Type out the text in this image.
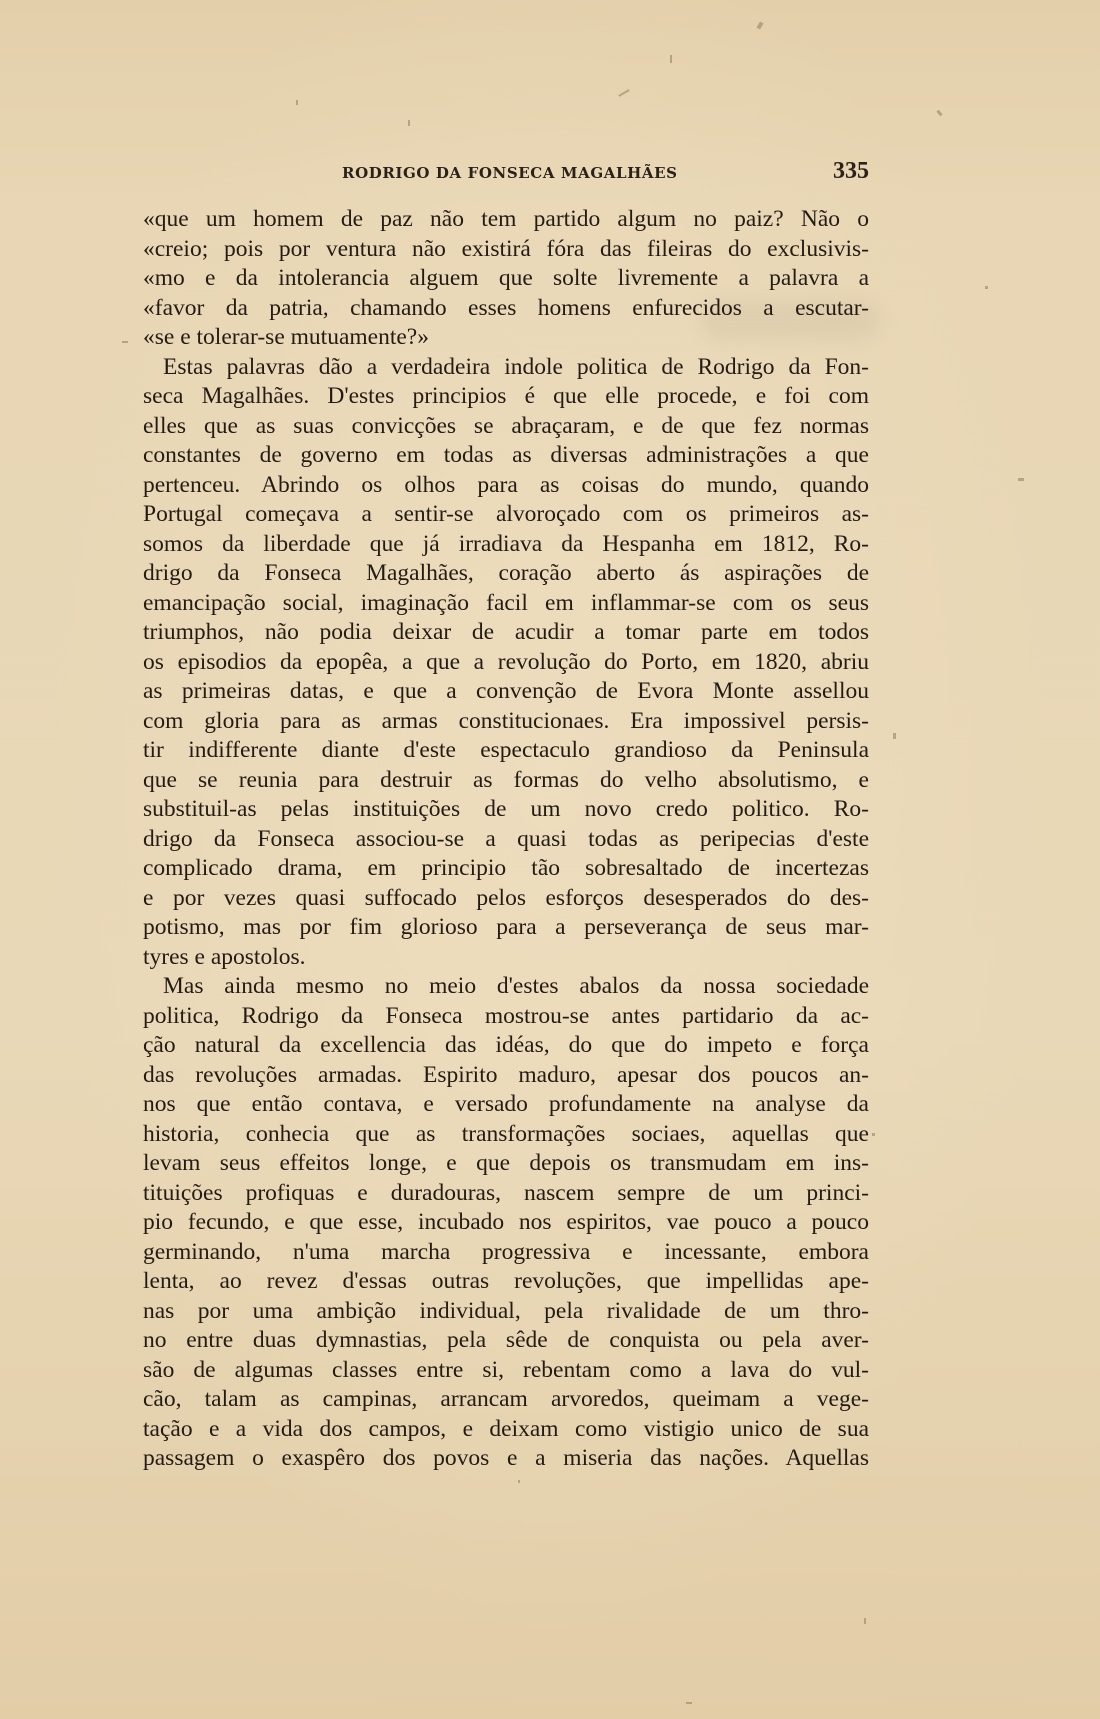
RODRIGO DA FONSECA MAGALHÃES	335
«que um homem de paz não tem partido algum no paiz? Não o
«creio; pois por ventura não existirá fóra das fileiras do exclusivis-
«mo e da intolerancia alguem que solte livremente a palavra a
«favor da patria, chamando esses homens enfurecidos a escutar-
«se e tolerar-se mutuamente?»
Estas palavras dão a verdadeira indole politica de Rodrigo da Fon-
seca Magalhães. D'estes principios é que elle procede, e foi com
elles que as suas convicções se abraçaram, e de que fez normas
constantes de governo em todas as diversas administrações a que
pertenceu. Abrindo os olhos para as coisas do mundo, quando
Portugal começava a sentir-se alvoroçado com os primeiros as-
somos da liberdade que já irradiava da Hespanha em 1812, Ro-
drigo da Fonseca Magalhães, coração aberto ás aspirações de
emancipação social, imaginação facil em inflammar-se com os seus
triumphos, não podia deixar de acudir a tomar parte em todos
os episodios da epopêa, a que a revolução do Porto, em 1820, abriu
as primeiras datas, e que a convenção de Evora Monte assellou
com gloria para as armas constitucionaes. Era impossivel persis-
tir indifferente diante d'este espectaculo grandioso da Peninsula
que se reunia para destruir as formas do velho absolutismo, e
substituil-as pelas instituições de um novo credo politico. Ro-
drigo da Fonseca associou-se a quasi todas as peripecias d'este
complicado drama, em principio tão sobresaltado de incertezas
e por vezes quasi suffocado pelos esforços desesperados do des-
potismo, mas por fim glorioso para a perseverança de seus mar-
tyres e apostolos.
Mas ainda mesmo no meio d'estes abalos da nossa sociedade
politica, Rodrigo da Fonseca mostrou-se antes partidario da ac-
ção natural da excellencia das idéas, do que do impeto e força
das revoluções armadas. Espirito maduro, apesar dos poucos an-
nos que então contava, e versado profundamente na analyse da
historia, conhecia que as transformações sociaes, aquellas que
levam seus effeitos longe, e que depois os transmudam em ins-
tituições profiquas e duradouras, nascem sempre de um princi-
pio fecundo, e que esse, incubado nos espiritos, vae pouco a pouco
germinando, n'uma marcha progressiva e incessante, embora
lenta, ao revez d'essas outras revoluções, que impellidas ape-
nas por uma ambição individual, pela rivalidade de um thro-
no entre duas dymnastias, pela sêde de conquista ou pela aver-
são de algumas classes entre si, rebentam como a lava do vul-
cão, talam as campinas, arrancam arvoredos, queimam a vege-
tação e a vida dos campos, e deixam como vistigio unico de sua
passagem o exaspêro dos povos e a miseria das nações. Aquellas
